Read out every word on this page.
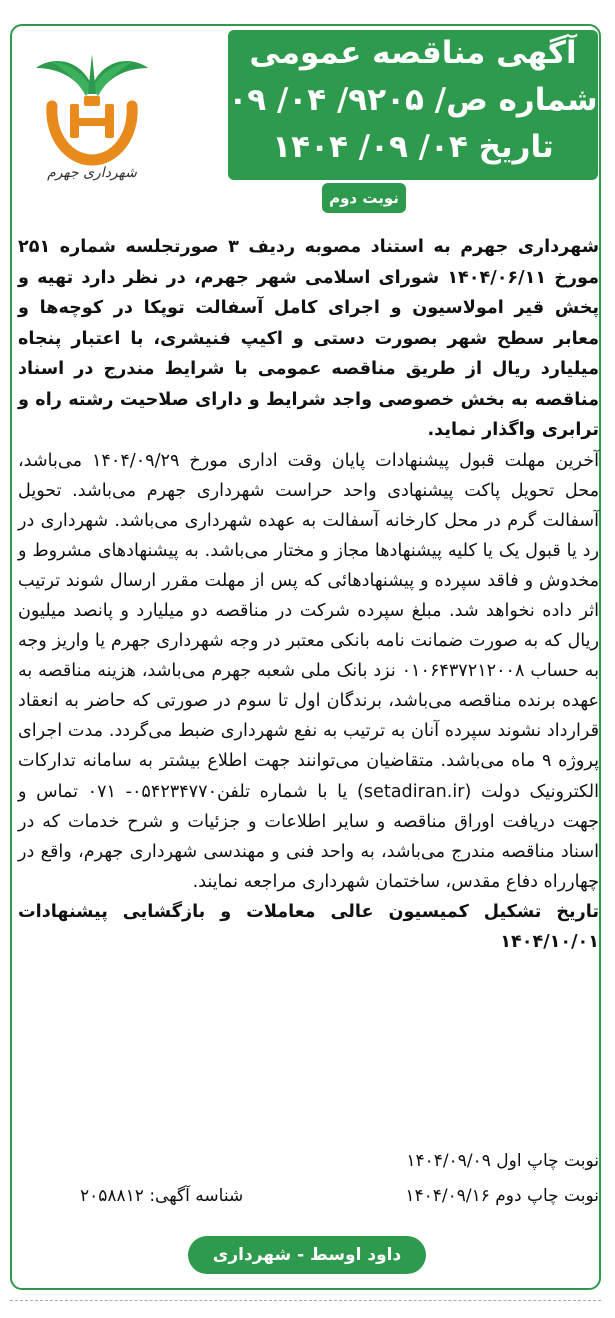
شهرداری جهرم
آگهی مناقصه عمومی
شماره ص/ ۹۲۰۵/ ۰۴/ ۰۹
تاریخ ۰۴/ ۰۹/ ۱۴۰۴
نوبت دوم

شهرداری جهرم به استناد مصوبه ردیف ۳ صورتجلسه شماره ۲۵۱ مورخ ۱۴۰۴/۰۶/۱۱ شورای اسلامی شهر جهرم، در نظر دارد تهیه و پخش قیر امولاسیون و اجرای کامل آسفالت توپکا در کوچه‌ها و معابر سطح شهر بصورت دستی و اکیپ فنیشری، با اعتبار پنجاه میلیارد ریال از طریق مناقصه عمومی با شرایط مندرج در اسناد مناقصه به بخش خصوصی واجد شرایط و دارای صلاحیت رشته راه و ترابری واگذار نماید.

آخرین مهلت قبول پیشنهادات پایان وقت اداری مورخ ۱۴۰۴/۰۹/۲۹ می‌باشد، محل تحویل پاکت پیشنهادی واحد حراست شهرداری جهرم می‌باشد. تحویل آسفالت گرم در محل کارخانه آسفالت به عهده شهرداری می‌باشد. شهرداری در رد یا قبول یک یا کلیه پیشنهادها مجاز و مختار می‌باشد. به پیشنهادهای مشروط و مخدوش و فاقد سپرده و پیشنهادهائی که پس از مهلت مقرر ارسال شوند ترتیب اثر داده نخواهد شد. مبلغ سپرده شرکت در مناقصه دو میلیارد و پانصد میلیون ریال که به صورت ضمانت نامه بانکی معتبر در وجه شهرداری جهرم یا واریز وجه به حساب ۰۱۰۶۴۳۷۲۱۲۰۰۸ نزد بانک ملی شعبه جهرم می‌باشد، هزینه مناقصه به عهده برنده مناقصه می‌باشد، برندگان اول تا سوم در صورتی که حاضر به انعقاد قرارداد نشوند سپرده آنان به ترتیب به نفع شهرداری ضبط می‌گردد. مدت اجرای پروژه ۹ ماه می‌باشد. متقاضیان می‌توانند جهت اطلاع بیشتر به سامانه تدارکات الکترونیک دولت (setadiran.ir) یا با شماره تلفن۰۵۴۲۳۴۷۷۰- ۰۷۱ تماس و جهت دریافت اوراق مناقصه و سایر اطلاعات و جزئیات و شرح خدمات که در اسناد مناقصه مندرج می‌باشد، به واحد فنی و مهندسی شهرداری جهرم، واقع در چهارراه دفاع مقدس، ساختمان شهرداری مراجعه نمایند.

تاریخ تشکیل کمیسیون عالی معاملات و بازگشایی پیشنهادات ۱۴۰۴/۱۰/۰۱

نوبت چاپ اول ۱۴۰۴/۰۹/۰۹
نوبت چاپ دوم ۱۴۰۴/۰۹/۱۶
شناسه آگهی: ۲۰۵۸۸۱۲
داود اوسط - شهرداری جهرم
